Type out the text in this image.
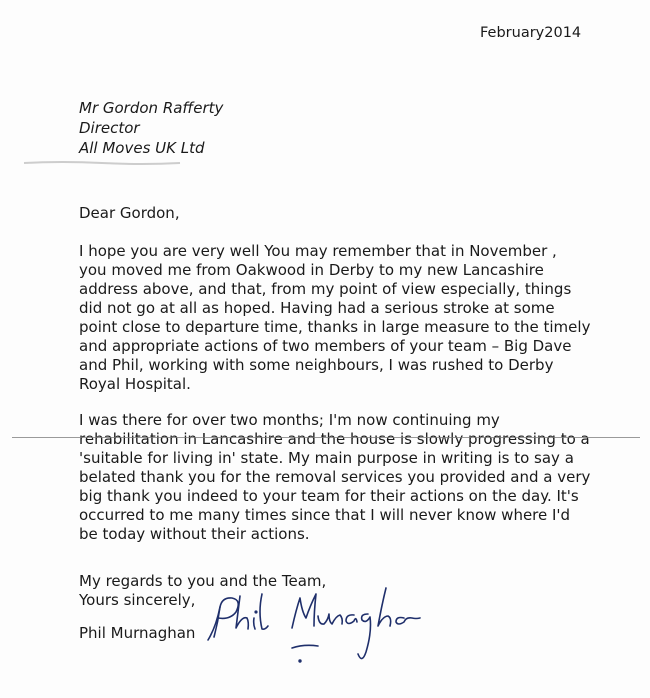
February2014
Mr Gordon Rafferty
Director
All Moves UK Ltd
Dear Gordon,
I hope you are very well You may remember that in November ,
you moved me from Oakwood in Derby to my new Lancashire
address above, and that, from my point of view especially, things
did not go at all as hoped. Having had a serious stroke at some
point close to departure time, thanks in large measure to the timely
and appropriate actions of two members of your team – Big Dave
and Phil, working with some neighbours, I was rushed to Derby
Royal Hospital.
I was there for over two months; I'm now continuing my
rehabilitation in Lancashire and the house is slowly progressing to a
'suitable for living in' state. My main purpose in writing is to say a
belated thank you for the removal services you provided and a very
big thank you indeed to your team for their actions on the day. It's
occurred to me many times since that I will never know where I'd
be today without their actions.
My regards to you and the Team,
Yours sincerely,
Phil Murnaghan
